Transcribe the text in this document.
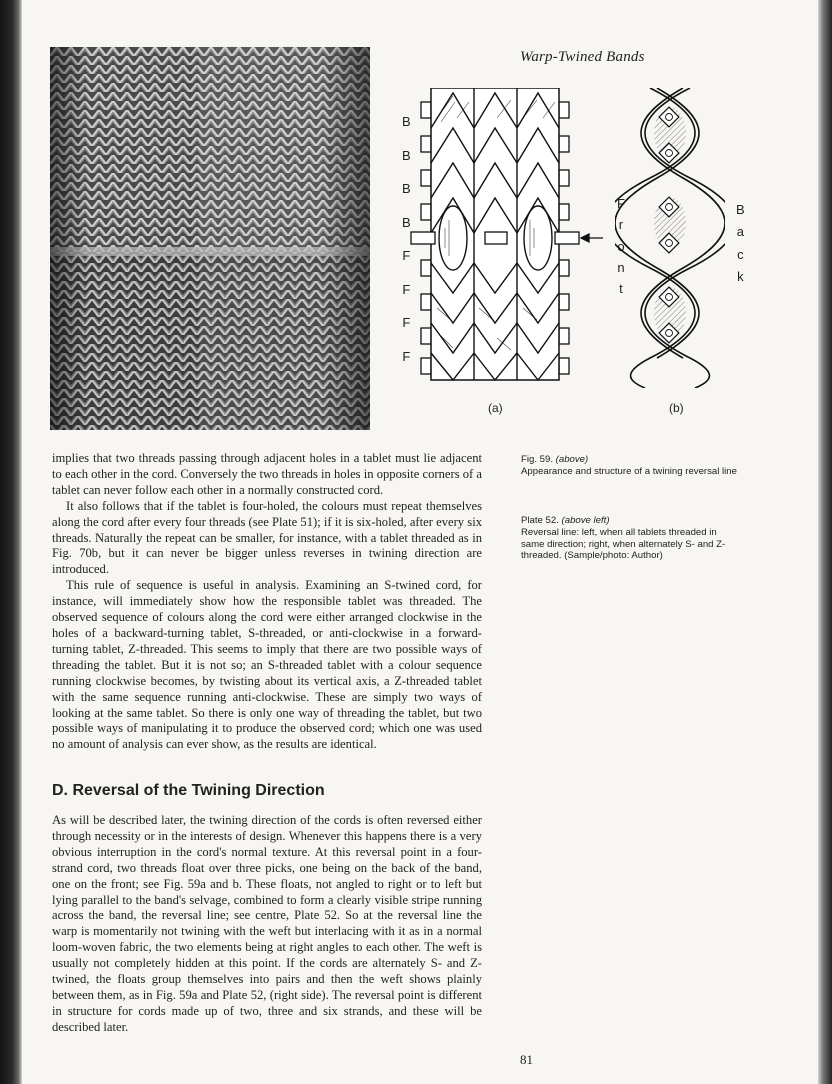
Warp-Twined Bands
B
B
B
B
F
F
F
F
(a)
F
r
o
n
t
(b)
B
a
c
k

implies that two threads passing through adjacent holes in a tablet must lie adjacent to each other in the cord. Conversely the two threads in holes in opposite corners of a tablet can never follow each other in a normally constructed cord.

It also follows that if the tablet is four-holed, the colours must repeat themselves along the cord after every four threads (see Plate 51); if it is six-holed, after every six threads. Naturally the repeat can be smaller, for instance, with a tablet threaded as in Fig. 70b, but it can never be bigger unless reverses in twining direction are introduced.

This rule of sequence is useful in analysis. Examining an S-twined cord, for instance, will immediately show how the responsible tablet was threaded. The observed sequence of colours along the cord were either arranged clockwise in the holes of a backward-turning tablet, S-threaded, or anti-clockwise in a forward-turning tablet, Z-threaded. This seems to imply that there are two possible ways of threading the tablet. But it is not so; an S-threaded tablet with a colour sequence running clockwise becomes, by twisting about its vertical axis, a Z-threaded tablet with the same sequence running anti-clockwise. These are simply two ways of looking at the same tablet. So there is only one way of threading the tablet, but two possible ways of manipulating it to produce the observed cord; which one was used no amount of analysis can ever show, as the results are identical.

D. Reversal of the Twining Direction

As will be described later, the twining direction of the cords is often reversed either through necessity or in the interests of design. Whenever this happens there is a very obvious interruption in the cord's normal texture. At this reversal point in a four-strand cord, two threads float over three picks, one being on the back of the band, one on the front; see Fig. 59a and b. These floats, not angled to right or to left but lying parallel to the band's selvage, combined to form a clearly visible stripe running across the band, the reversal line; see centre, Plate 52. So at the reversal line the warp is momentarily not twining with the weft but interlacing with it as in a normal loom-woven fabric, the two elements being at right angles to each other. The weft is usually not completely hidden at this point. If the cords are alternately S- and Z-twined, the floats group themselves into pairs and then the weft shows plainly between them, as in Fig. 59a and Plate 52, (right side). The reversal point is different in structure for cords made up of two, three and six strands, and these will be described later.

Fig. 59. (above)
Appearance and structure of a twining reversal line
Plate 52. (above left)
Reversal line: left, when all tablets threaded in same direction; right, when alternately S- and Z-threaded. (Sample/photo: Author)
81
